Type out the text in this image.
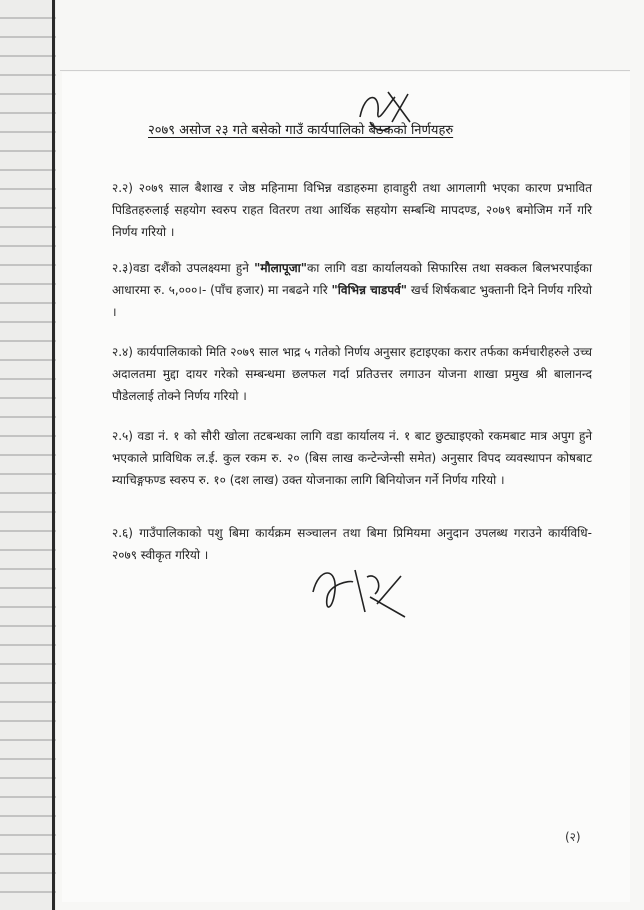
२०७९ असोज २३ गते बसेको गाउँ कार्यपालिको बैठकको निर्णयहरु

२.२) २०७९ साल बैशाख र जेष्ठ महिनामा विभिन्न वडाहरुमा हावाहुरी तथा आगलागी भएका कारण प्रभावित पिडितहरुलाई सहयोग स्वरुप राहत वितरण तथा आर्थिक सहयोग सम्बन्धि मापदण्ड, २०७९ बमोजिम गर्ने गरि निर्णय गरियो ।

२.३)वडा दशैंको उपलक्ष्यमा हुने "मौलापूजा"का लागि वडा कार्यालयको सिफारिस तथा सक्कल बिलभरपाईका आधारमा रु. ५,०००।- (पाँच हजार) मा नबढने गरि "विभिन्न चाडपर्व" खर्च शिर्षकबाट भुक्तानी दिने निर्णय गरियो ।

२.४) कार्यपालिकाको मिति २०७९ साल भाद्र ५ गतेको निर्णय अनुसार हटाइएका करार तर्फका कर्मचारीहरुले उच्च अदालतमा मुद्दा दायर गरेको सम्बन्धमा छलफल गर्दा प्रतिउत्तर लगाउन योजना शाखा प्रमुख श्री बालानन्द पौडेललाई तोक्ने निर्णय गरियो ।

२.५) वडा नं. १ को सौरी खोला तटबन्धका लागि वडा कार्यालय नं. १ बाट छुट्याइएको रकमबाट मात्र अपुग हुने भएकाले प्राविधिक ल.ई. कुल रकम रु. २० (बिस लाख कन्टेन्जेन्सी समेत) अनुसार विपद व्यवस्थापन कोषबाट म्याचिङ्गफण्ड स्वरुप रु. १० (दश लाख) उक्त योजनाका लागि बिनियोजन गर्ने निर्णय गरियो ।

२.६) गाउँपालिकाको पशु बिमा कार्यक्रम सञ्चालन तथा बिमा प्रिमियमा अनुदान उपलब्ध गराउने कार्यविधि- २०७९ स्वीकृत गरियो ।

(२)
